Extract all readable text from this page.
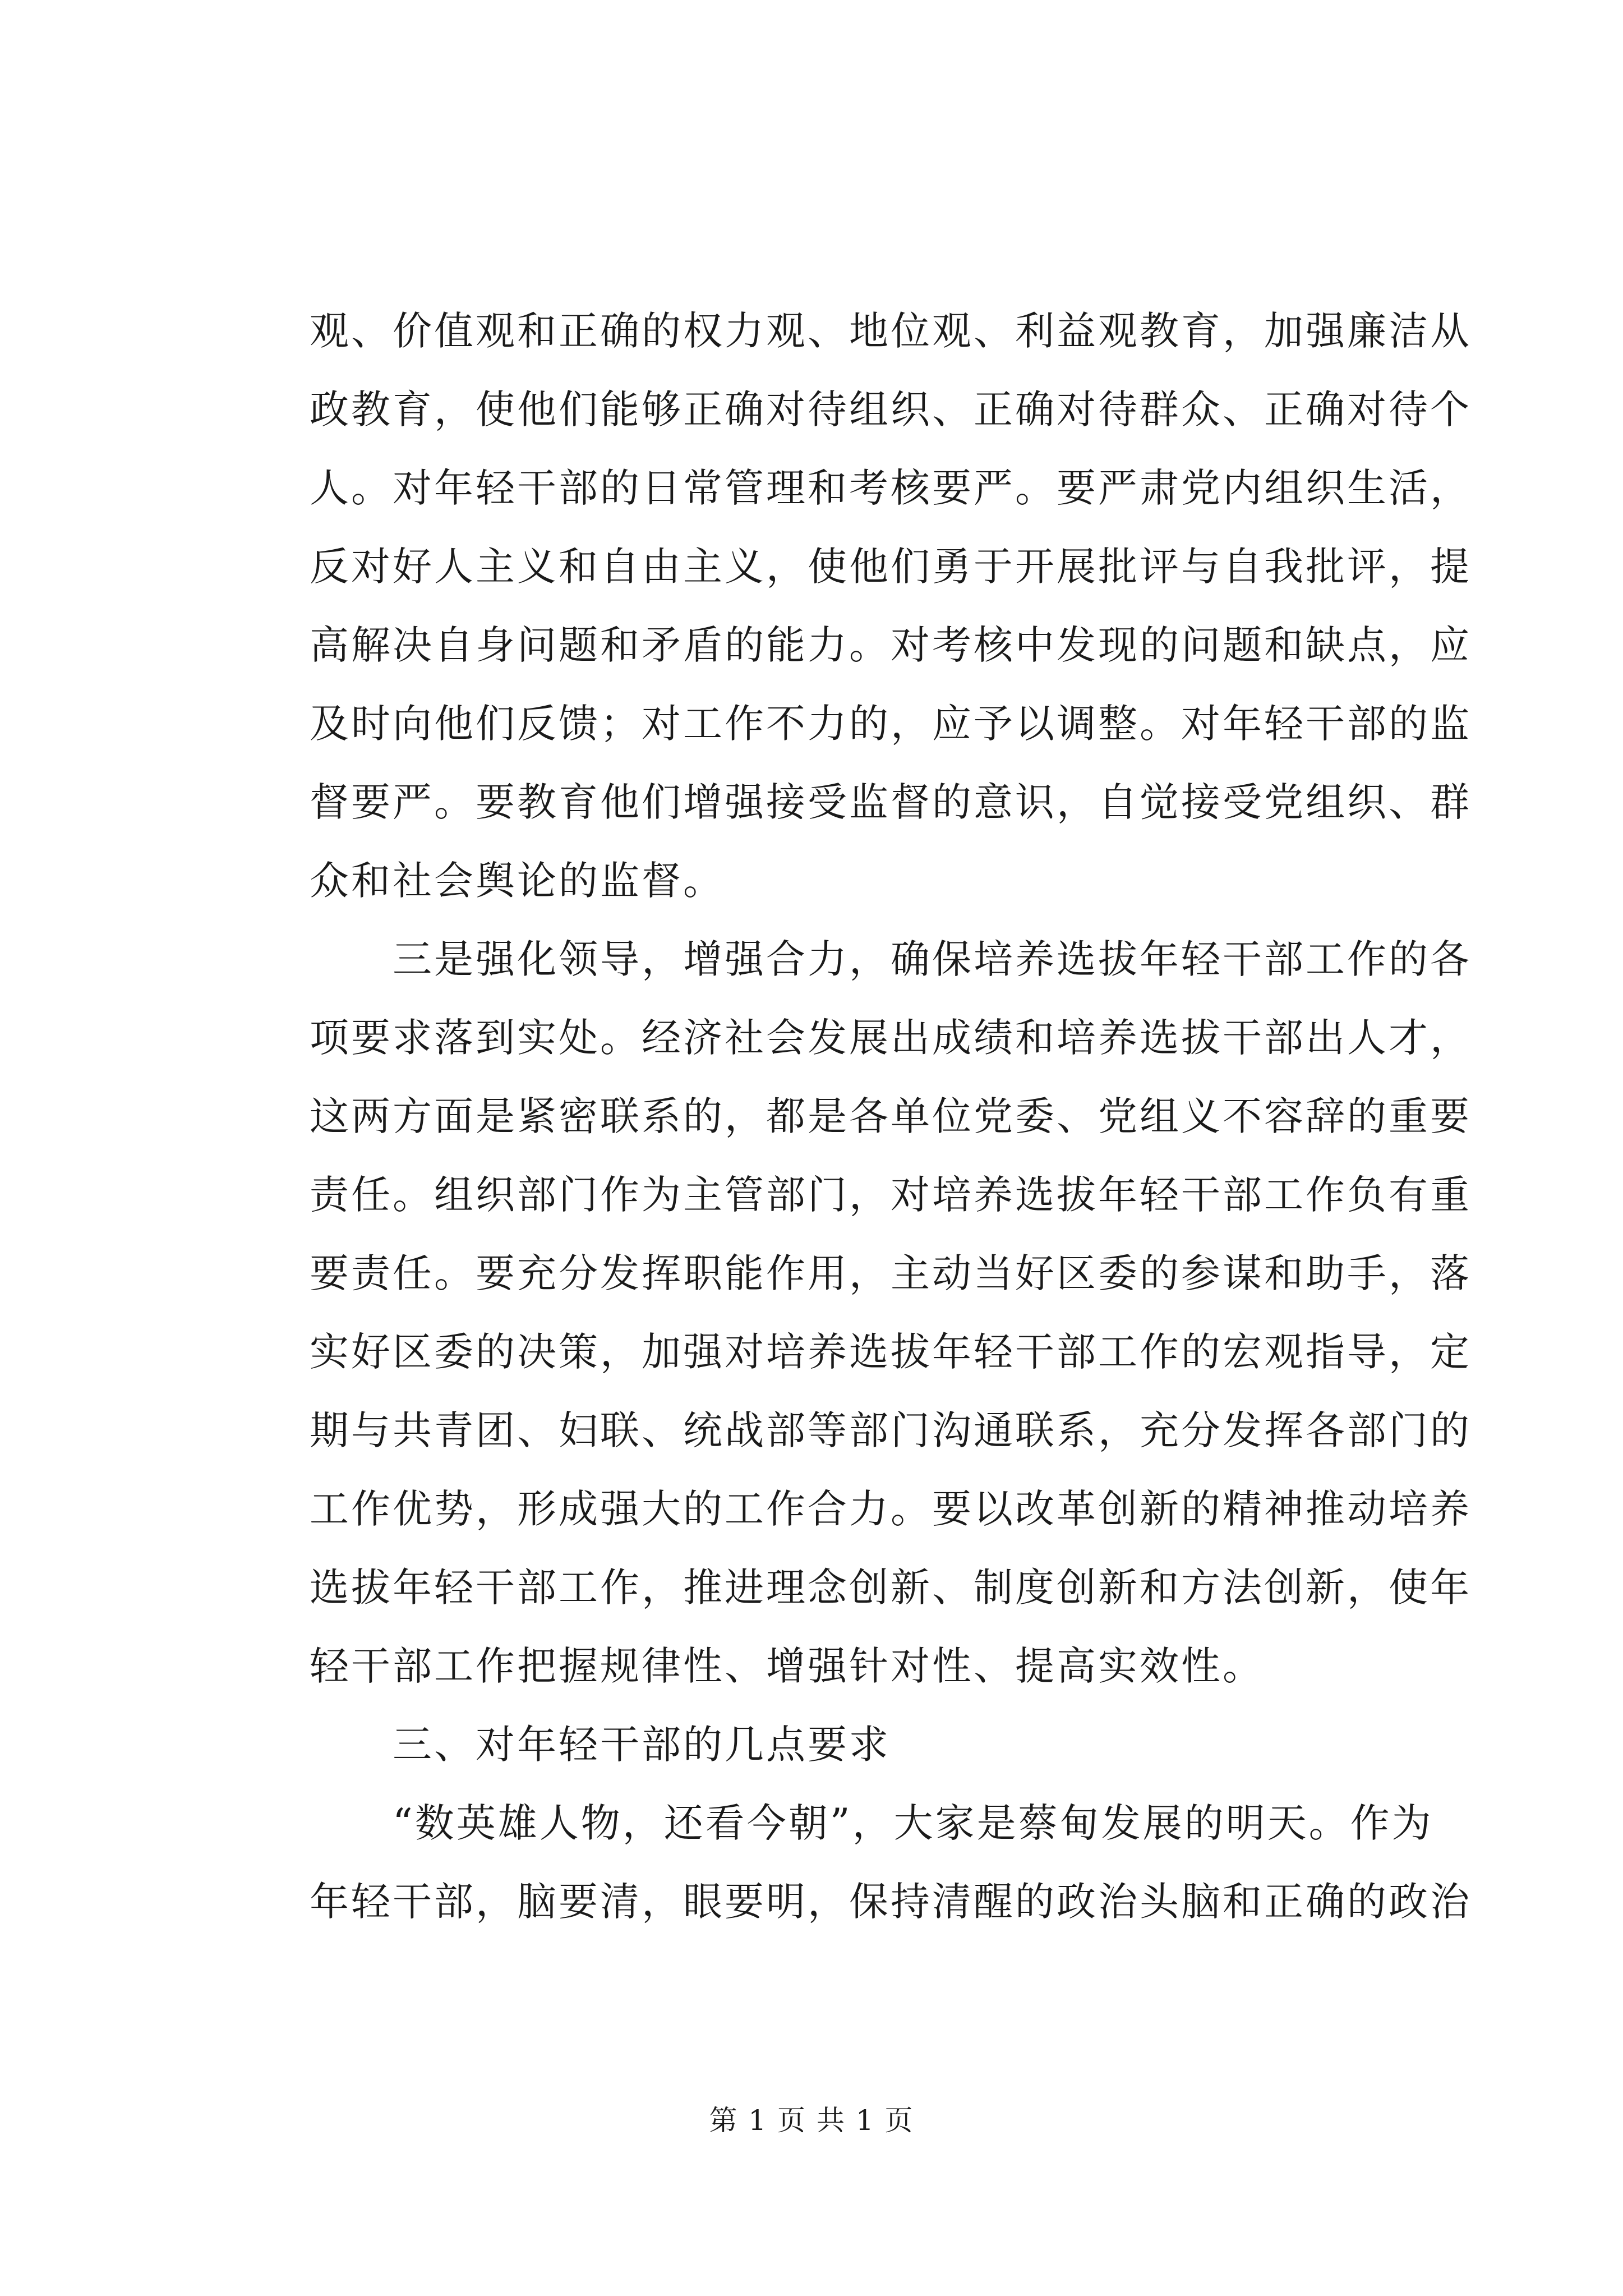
观、价值观和正确的权力观、地位观、利益观教育，加强廉洁从
政教育，使他们能够正确对待组织、正确对待群众、正确对待个
人。对年轻干部的日常管理和考核要严。要严肃党内组织生活，
反对好人主义和自由主义，使他们勇于开展批评与自我批评，提
高解决自身问题和矛盾的能力。对考核中发现的问题和缺点，应
及时向他们反馈；对工作不力的，应予以调整。对年轻干部的监
督要严。要教育他们增强接受监督的意识，自觉接受党组织、群
众和社会舆论的监督。
　　三是强化领导，增强合力，确保培养选拔年轻干部工作的各
项要求落到实处。经济社会发展出成绩和培养选拔干部出人才，
这两方面是紧密联系的，都是各单位党委、党组义不容辞的重要
责任。组织部门作为主管部门，对培养选拔年轻干部工作负有重
要责任。要充分发挥职能作用，主动当好区委的参谋和助手，落
实好区委的决策，加强对培养选拔年轻干部工作的宏观指导，定
期与共青团、妇联、统战部等部门沟通联系，充分发挥各部门的
工作优势，形成强大的工作合力。要以改革创新的精神推动培养
选拔年轻干部工作，推进理念创新、制度创新和方法创新，使年
轻干部工作把握规律性、增强针对性、提高实效性。
　　三、对年轻干部的几点要求
　　“数英雄人物，还看今朝”，大家是蔡甸发展的明天。作为
年轻干部，脑要清，眼要明，保持清醒的政治头脑和正确的政治
第 1 页 共 1 页
